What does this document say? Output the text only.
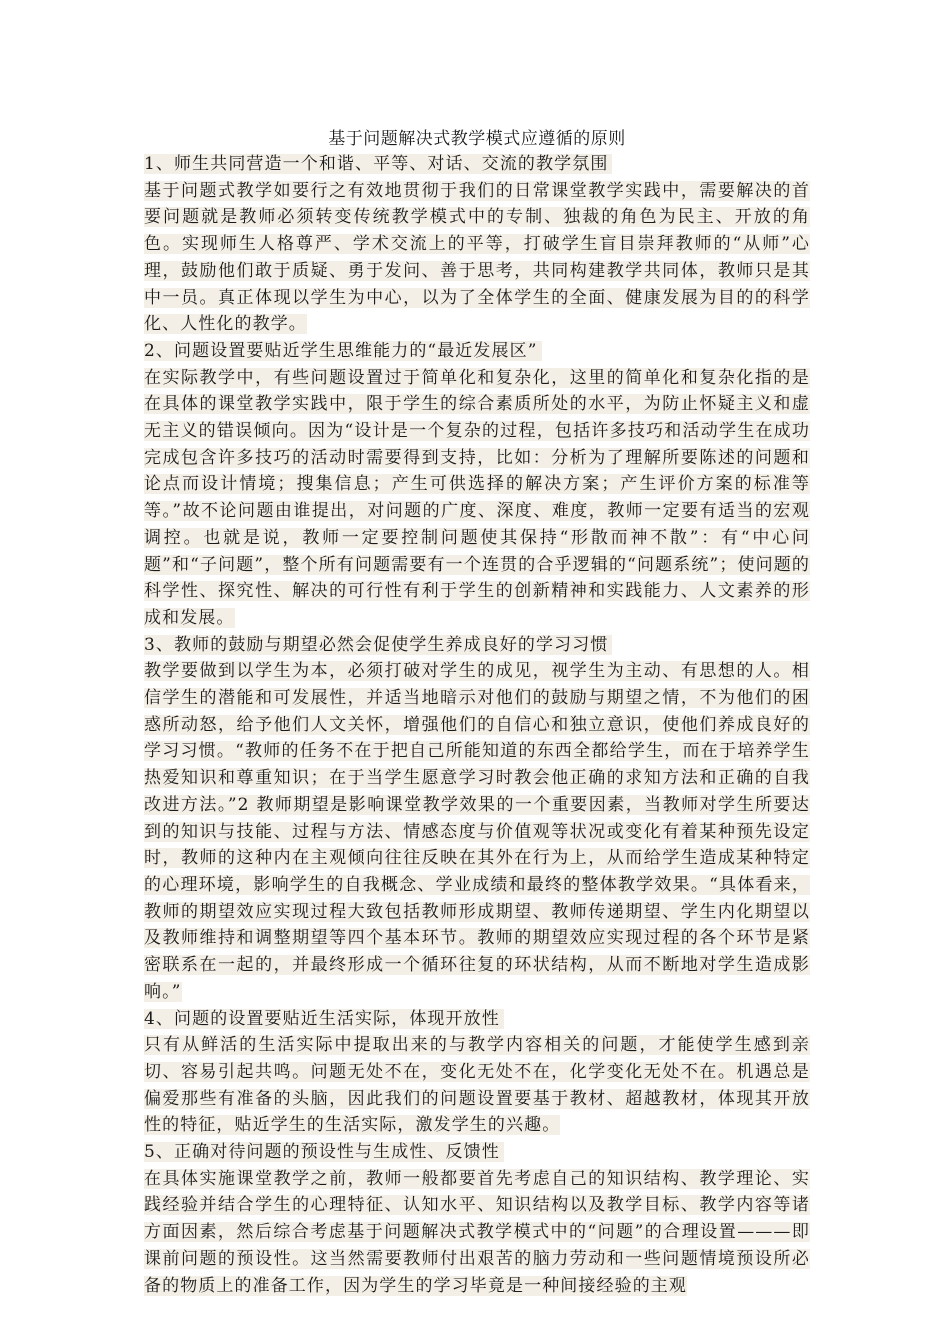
基于问题解决式教学模式应遵循的原则

1、师生共同营造一个和谐、平等、对话、交流的教学氛围

基于问题式教学如要行之有效地贯彻于我们的日常课堂教学实践中，需要解决的首要问题就是教师必须转变传统教学模式中的专制、独裁的角色为民主、开放的角色。实现师生人格尊严、学术交流上的平等，打破学生盲目崇拜教师的“从师”心理，鼓励他们敢于质疑、勇于发问、善于思考，共同构建教学共同体，教师只是其中一员。真正体现以学生为中心，以为了全体学生的全面、健康发展为目的的科学化、人性化的教学。

2、问题设置要贴近学生思维能力的“最近发展区”

在实际教学中，有些问题设置过于简单化和复杂化，这里的简单化和复杂化指的是在具体的课堂教学实践中，限于学生的综合素质所处的水平，为防止怀疑主义和虚无主义的错误倾向。因为“设计是一个复杂的过程，包括许多技巧和活动学生在成功完成包含许多技巧的活动时需要得到支持，比如：分析为了理解所要陈述的问题和论点而设计情境；搜集信息；产生可供选择的解决方案；产生评价方案的标准等等。”故不论问题由谁提出，对问题的广度、深度、难度，教师一定要有适当的宏观调控。也就是说，教师一定要控制问题使其保持“形散而神不散”：有“中心问题”和“子问题”，整个所有问题需要有一个连贯的合乎逻辑的“问题系统”；使问题的科学性、探究性、解决的可行性有利于学生的创新精神和实践能力、人文素养的形成和发展。

3、教师的鼓励与期望必然会促使学生养成良好的学习习惯

教学要做到以学生为本，必须打破对学生的成见，视学生为主动、有思想的人。相信学生的潜能和可发展性，并适当地暗示对他们的鼓励与期望之情，不为他们的困惑所动怒，给予他们人文关怀，增强他们的自信心和独立意识，使他们养成良好的学习习惯。“教师的任务不在于把自己所能知道的东西全都给学生，而在于培养学生热爱知识和尊重知识；在于当学生愿意学习时教会他正确的求知方法和正确的自我改进方法。”2 教师期望是影响课堂教学效果的一个重要因素，当教师对学生所要达到的知识与技能、过程与方法、情感态度与价值观等状况或变化有着某种预先设定时，教师的这种内在主观倾向往往反映在其外在行为上，从而给学生造成某种特定的心理环境，影响学生的自我概念、学业成绩和最终的整体教学效果。“具体看来，教师的期望效应实现过程大致包括教师形成期望、教师传递期望、学生内化期望以及教师维持和调整期望等四个基本环节。教师的期望效应实现过程的各个环节是紧密联系在一起的，并最终形成一个循环往复的环状结构，从而不断地对学生造成影响。”

4、问题的设置要贴近生活实际，体现开放性

只有从鲜活的生活实际中提取出来的与教学内容相关的问题，才能使学生感到亲切、容易引起共鸣。问题无处不在，变化无处不在，化学变化无处不在。机遇总是偏爱那些有准备的头脑，因此我们的问题设置要基于教材、超越教材，体现其开放性的特征，贴近学生的生活实际，激发学生的兴趣。

5、正确对待问题的预设性与生成性、反馈性

在具体实施课堂教学之前，教师一般都要首先考虑自己的知识结构、教学理论、实践经验并结合学生的心理特征、认知水平、知识结构以及教学目标、教学内容等诸方面因素，然后综合考虑基于问题解决式教学模式中的“问题”的合理设置———即课前问题的预设性。这当然需要教师付出艰苦的脑力劳动和一些问题情境预设所必备的物质上的准备工作，因为学生的学习毕竟是一种间接经验的主观
